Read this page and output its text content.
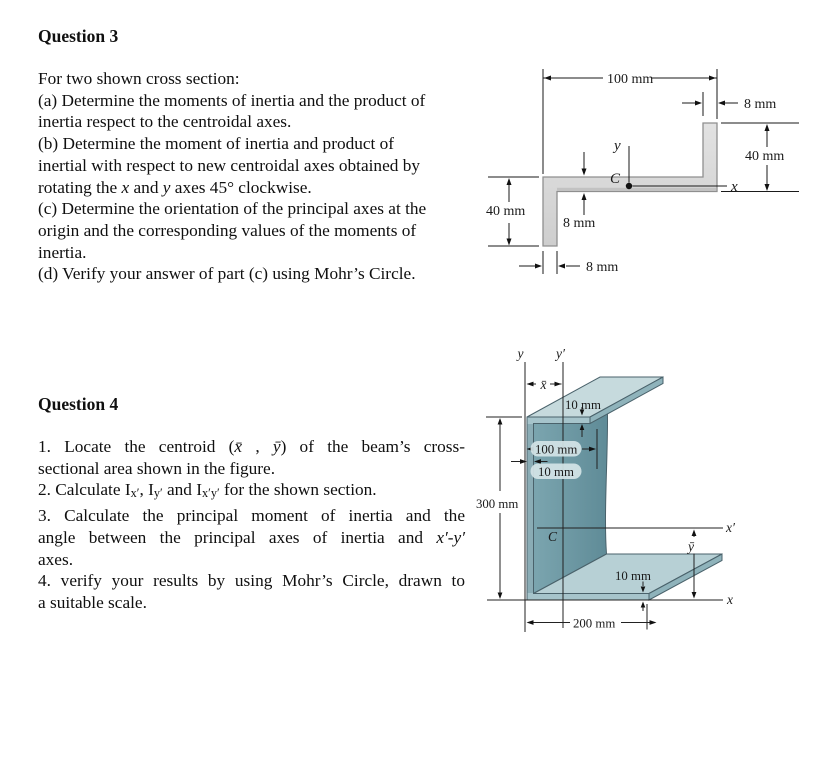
Question 3
For two shown cross section:
(a) Determine the moments of inertia and the product of
inertia respect to the centroidal axes.
(b) Determine the moment of inertia and product of
inertial with respect to new centroidal axes obtained by
rotating the x and y axes 45° clockwise.
(c) Determine the orientation of the principal axes at the
origin and the corresponding values of the moments of
inertia.
(d) Verify your answer of part (c) using Mohr’s Circle.
Question 4
1. Locate the centroid (x̄ , ȳ) of the beam’s cross-
sectional area shown in the figure.
2. Calculate Ix′, Iy′ and Ix′y′ for the shown section.
3. Calculate the principal moment of inertia and the
angle between the principal axes of inertia and x′-y′
axes.
4. verify your results by using Mohr’s Circle, drawn to
a suitable scale.
100 mm
8 mm
40 mm
40 mm
8 mm
8 mm
y
x
C
10 mm
100 mm
10 mm
300 mm
10 mm
200 mm
y y′
x̄
C
x′
ȳ
x
